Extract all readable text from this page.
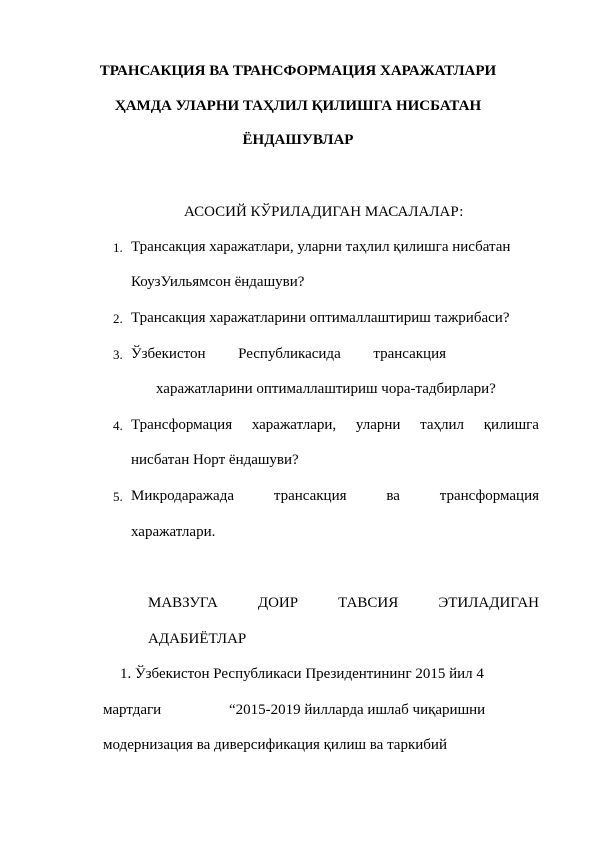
ТРАНСАКЦИЯ ВА ТРАНСФОРМАЦИЯ ХАРАЖАТЛАРИ
ҲАМДА УЛАРНИ ТАҲЛИЛ ҚИЛИШГА НИСБАТАН
ЁНДАШУВЛАР
АСОСИЙ КЎРИЛАДИГАН МАСАЛАЛАР:
1. Трансакция харажатлари, уларни таҳлил қилишга нисбатан
КоузУильямсон ёндашуви?
2. Трансакция харажатларини оптималлаштириш тажрибаси?
3. Ўзбекистон Республикасида трансакция
харажатларини оптималлаштириш чора-тадбирлари?
4. Трансформация харажатлари, уларни таҳлил қилишга
нисбатан Норт ёндашуви?
5. Микродаражада	трансакция	ва	трансформация
харажатлари.
МАВЗУГА	ДОИР	ТАВСИЯ	ЭТИЛАДИГАН
АДАБИЁТЛАР
1. Ўзбекистон Республикаси Президентининг 2015 йил 4
мартдаги	“2015-2019 йилларда ишлаб чиқаришни
модернизация ва диверсификация қилиш ва таркибий
